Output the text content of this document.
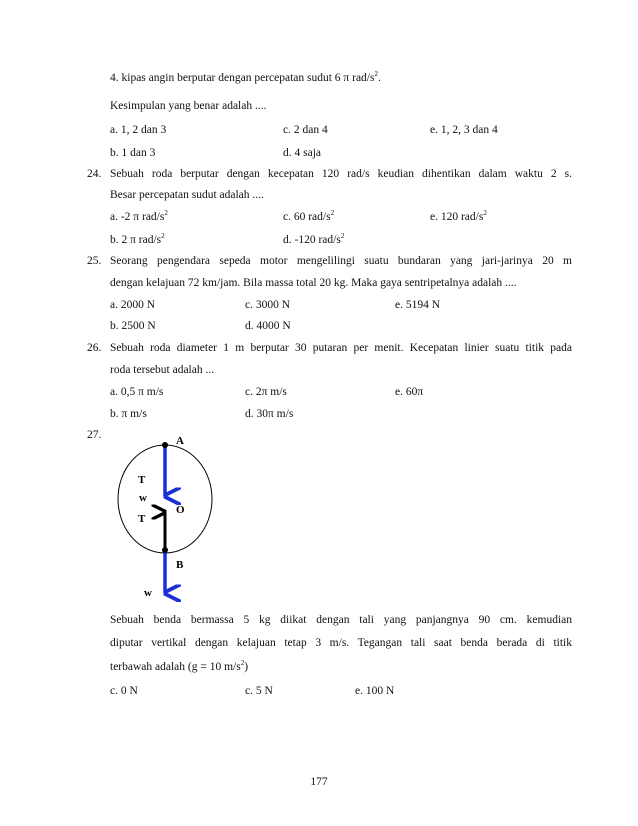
4. kipas angin berputar dengan percepatan sudut 6 π rad/$s^2$.
Kesimpulan yang benar adalah ....
a. 1, 2 dan 3	c. 2 dan 4	e. 1, 2, 3 dan 4
b. 1 dan 3	d. 4 saja
24. Sebuah roda berputar dengan kecepatan 120 rad/s keudian dihentikan dalam waktu 2 s.
Besar percepatan sudut adalah ....
a. -2 π rad/$s^2$	c. 60 rad/$s^2$	e. 120 rad/$s^2$
b. 2 π rad/$s^2$	d. -120 rad/$s^2$
25. Seorang pengendara sepeda motor mengelilingi suatu bundaran yang jari-jarinya 20 m
dengan kelajuan 72 km/jam. Bila massa total 20 kg. Maka gaya sentripetalnya adalah ....
a. 2000 N	c. 3000 N	e. 5194 N
b. 2500 N	d. 4000 N
26. Sebuah roda diameter 1 m berputar 30 putaran per menit. Kecepatan linier suatu titik pada
roda tersebut adalah ...
a. 0,5 π m/s	c. 2π m/s	e. 60π
b. π m/s	d. 30π m/s
27.	A
O
B
T
w
T
w
Sebuah benda bermassa 5 kg diikat dengan tali yang panjangnya 90 cm. kemudian
diputar vertikal dengan kelajuan tetap 3 m/s. Tegangan tali saat benda berada di titik
terbawah adalah (g = 10 $m/s^2$)
c. 0 N	c. 5 N	e. 100 N
177
